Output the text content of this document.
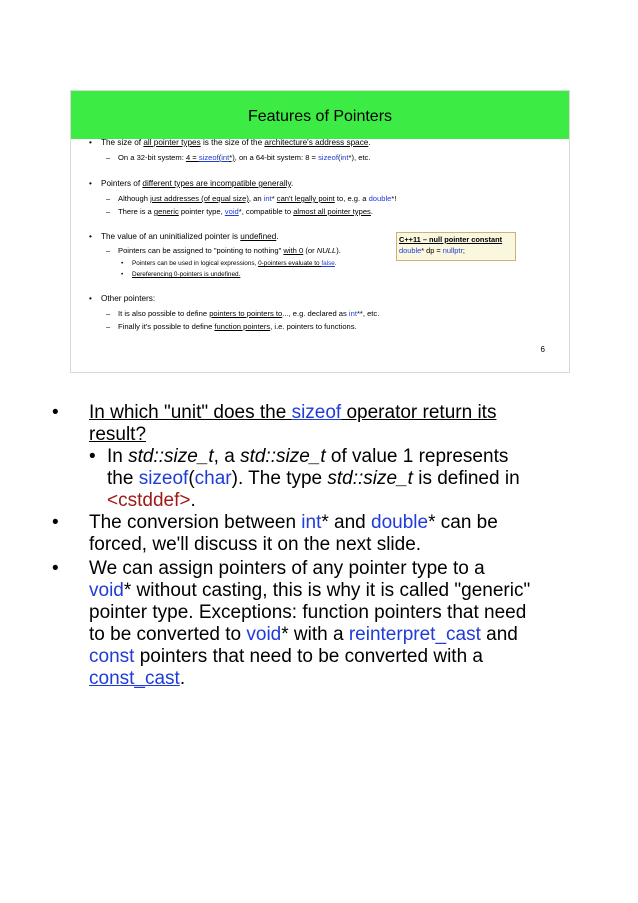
Features of Pointers
• The size of all pointer types is the size of the architecture's address space.
– On a 32-bit system: 4 = sizeof(int*), on a 64-bit system: 8 = sizeof(int*), etc.
• Pointers of different types are incompatible generally.
– Although just addresses (of equal size), an int* can't legally point to, e.g. a double*!
– There is a generic pointer type, void*, compatible to almost all pointer types.
• The value of an uninitialized pointer is undefined.
– Pointers can be assigned to "pointing to nothing" with 0 (or NULL).
• Pointers can be used in logical expressions, 0-pointers evaluate to false.
• Dereferencing 0-pointers is undefined.
C++11 – null pointer constant
double* dp = nullptr;
• Other pointers:
– It is also possible to define pointers to pointers to..., e.g. declared as int**, etc.
– Finally it's possible to define function pointers, i.e. pointers to functions.
6
• In which "unit" does the sizeof operator return its
result?
• In std::size_t, a std::size_t of value 1 represents
the sizeof(char). The type std::size_t is defined in
<cstddef>.
• The conversion between int* and double* can be
forced, we'll discuss it on the next slide.
• We can assign pointers of any pointer type to a
void* without casting, this is why it is called "generic"
pointer type. Exceptions: function pointers that need
to be converted to void* with a reinterpret_cast and
const pointers that need to be converted with a
const_cast.
